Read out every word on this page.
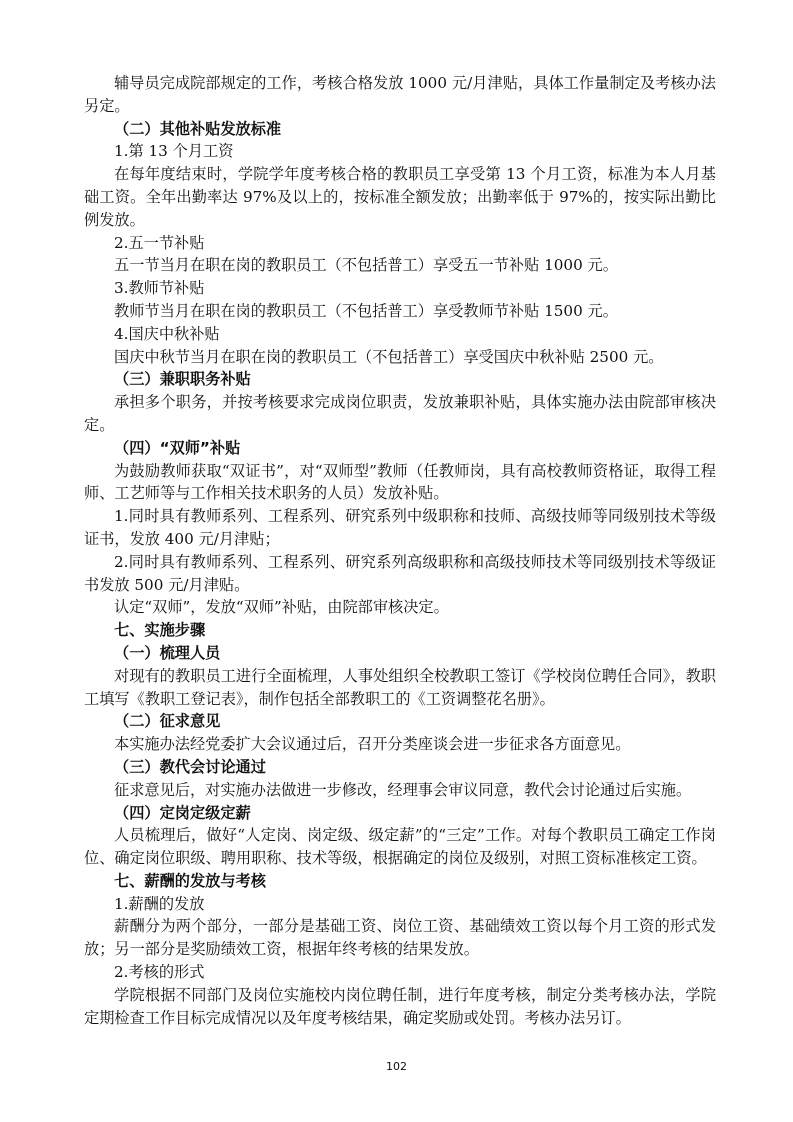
辅导员完成院部规定的工作，考核合格发放 1000 元/月津贴，具体工作量制定及考核办法另定。

（二）其他补贴发放标准

1.第 13 个月工资

在每年度结束时，学院学年度考核合格的教职员工享受第 13 个月工资，标准为本人月基础工资。全年出勤率达 97%及以上的，按标准全额发放；出勤率低于 97%的，按实际出勤比例发放。

2.五一节补贴

五一节当月在职在岗的教职员工（不包括普工）享受五一节补贴 1000 元。

3.教师节补贴

教师节当月在职在岗的教职员工（不包括普工）享受教师节补贴 1500 元。

4.国庆中秋补贴

国庆中秋节当月在职在岗的教职员工（不包括普工）享受国庆中秋补贴 2500 元。

（三）兼职职务补贴

承担多个职务，并按考核要求完成岗位职责，发放兼职补贴，具体实施办法由院部审核决定。

（四）“双师”补贴

为鼓励教师获取“双证书”，对“双师型”教师（任教师岗，具有高校教师资格证，取得工程师、工艺师等与工作相关技术职务的人员）发放补贴。

1.同时具有教师系列、工程系列、研究系列中级职称和技师、高级技师等同级别技术等级证书，发放 400 元/月津贴；

2.同时具有教师系列、工程系列、研究系列高级职称和高级技师技术等同级别技术等级证书发放 500 元/月津贴。

认定“双师”，发放“双师”补贴，由院部审核决定。

七、实施步骤

（一）梳理人员

对现有的教职员工进行全面梳理，人事处组织全校教职工签订《学校岗位聘任合同》，教职工填写《教职工登记表》，制作包括全部教职工的《工资调整花名册》。

（二）征求意见

本实施办法经党委扩大会议通过后，召开分类座谈会进一步征求各方面意见。

（三）教代会讨论通过

征求意见后，对实施办法做进一步修改，经理事会审议同意，教代会讨论通过后实施。

（四）定岗定级定薪

人员梳理后，做好“人定岗、岗定级、级定薪”的“三定”工作。对每个教职员工确定工作岗位、确定岗位职级、聘用职称、技术等级，根据确定的岗位及级别，对照工资标准核定工资。

七、薪酬的发放与考核

1.薪酬的发放

薪酬分为两个部分，一部分是基础工资、岗位工资、基础绩效工资以每个月工资的形式发放；另一部分是奖励绩效工资，根据年终考核的结果发放。

2.考核的形式

学院根据不同部门及岗位实施校内岗位聘任制，进行年度考核，制定分类考核办法，学院定期检查工作目标完成情况以及年度考核结果，确定奖励或处罚。考核办法另订。

102
